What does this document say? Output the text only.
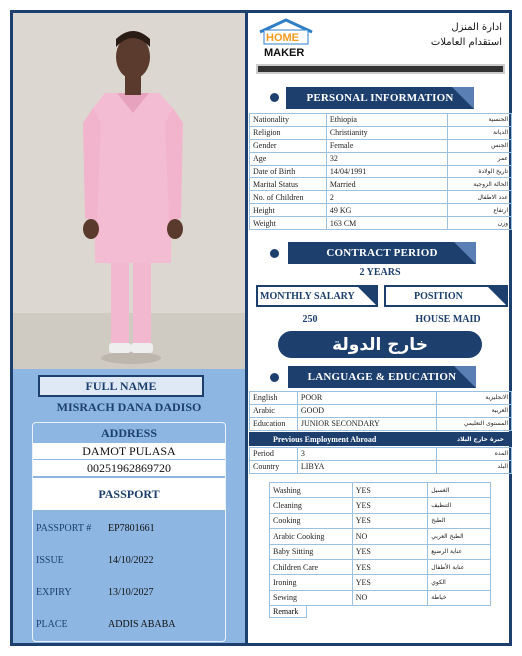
FULL NAME
MISRACH DANA DADISO
ADDRESS
DAMOT PULASA
00251962869720
PASSPORT
PASSPORT #	EP7801661
ISSUE	14/10/2022
EXPIRY	13/10/2027
PLACE	ADDIS ABABA
HOME
MAKER
ادارة المنزل
استقدام العاملات
PERSONAL INFORMATION
Nationality	Ethiopia	الجنسية
Religion	Christianity	الديانة
Gender	Female	الجنس
Age	32	عمر
Date of Birth	14/04/1991	تاريخ الولادة
Marital Status	Married	الحالة الزوجية
No. of Children	2	عدد الاطفال
Height	49 KG	ارتفاع
Weight	163 CM	وزن
CONTRACT PERIOD
2 YEARS
MONTHLY SALARY	POSITION
250	HOUSE MAID
خارج الدولة
LANGUAGE & EDUCATION
English	POOR	الانجليزية
Arabic	GOOD	العربية
Education	JUNIOR SECONDARY	المستوى التعليمي
Previous Employment Abroad	خبرة خارج البلاد
Period	3	المده
Country	LIBYA	البلد
Washing	YES	الغسيل
Cleaning	YES	التنظيف
Cooking	YES	الطبخ
Arabic Cooking	NO	الطبخ العربي
Baby Sitting	YES	عناية الرضيع
Children Care	YES	عناية الأطفال
Ironing	YES	الكوي
Sewing	NO	خياطة
Remark
